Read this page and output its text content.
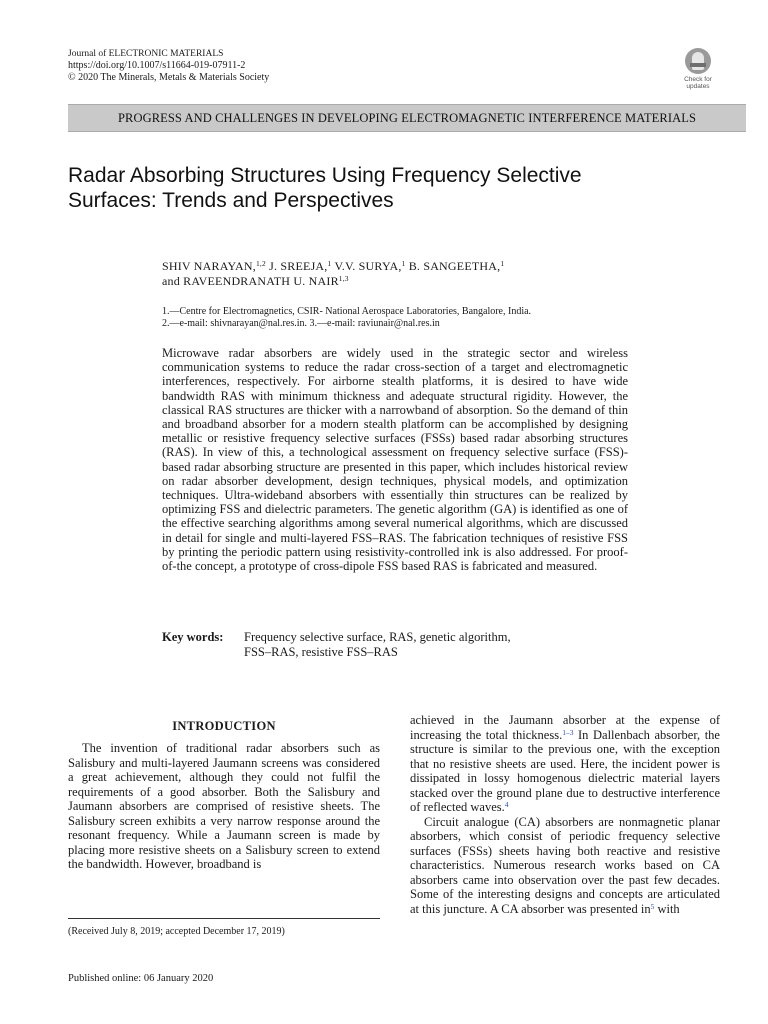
Journal of ELECTRONIC MATERIALS
https://doi.org/10.1007/s11664-019-07911-2
© 2020 The Minerals, Metals & Materials Society	Check for
updates
PROGRESS AND CHALLENGES IN DEVELOPING ELECTROMAGNETIC INTERFERENCE MATERIALS
Radar Absorbing Structures Using Frequency Selective
Surfaces: Trends and Perspectives
SHIV NARAYAN,$^{1,2}$ J. SREEJA,$^1$ V.V. SURYA,$^1$ B. SANGEETHA,$^1$
and RAVEENDRANATH U. NAIR$^{1,3}$
1.—Centre for Electromagnetics, CSIR- National Aerospace Laboratories, Bangalore, India.
2.—e-mail: shivnarayan@nal.res.in. 3.—e-mail: raviunair@nal.res.in
Microwave radar absorbers are widely used in the strategic sector and wireless communication systems to reduce the radar cross-section of a target and electromagnetic interferences, respectively. For airborne stealth platforms, it is desired to have wide bandwidth RAS with minimum thickness and adequate structural rigidity. However, the classical RAS structures are thicker with a narrowband of absorption. So the demand of thin and broadband absorber for a modern stealth platform can be accomplished by designing metallic or resistive frequency selective surfaces (FSSs) based radar absorbing structures (RAS). In view of this, a technological assessment on frequency selective surface (FSS)-based radar absorbing structure are presented in this paper, which includes historical review on radar absorber development, design techniques, physical models, and optimization techniques. Ultra-wideband absorbers with essentially thin structures can be realized by optimizing FSS and dielectric parameters. The genetic algorithm (GA) is identified as one of the effective searching algorithms among several numerical algorithms, which are discussed in detail for single and multi-layered FSS–RAS. The fabrication techniques of resistive FSS by printing the periodic pattern using resistivity-controlled ink is also addressed. For proof-of-the concept, a prototype of cross-dipole FSS based RAS is fabricated and measured.
Key words:	Frequency selective surface, RAS, genetic algorithm,
FSS–RAS, resistive FSS–RAS
INTRODUCTION
The invention of traditional radar absorbers such as Salisbury and multi-layered Jaumann screens was considered a great achievement, although they could not fulfil the requirements of a good absorber. Both the Salisbury and Jaumann absorbers are comprised of resistive sheets. The Salisbury screen exhibits a very narrow response around the resonant frequency. While a Jaumann screen is made by placing more resistive sheets on a Salisbury screen to extend the bandwidth. However, broadband is
achieved in the Jaumann absorber at the expense of increasing the total thickness.$^{1-3}$ In Dallenbach absorber, the structure is similar to the previous one, with the exception that no resistive sheets are used. Here, the incident power is dissipated in lossy homogenous dielectric material layers stacked over the ground plane due to destructive interference of reflected waves.$^4$
Circuit analogue (CA) absorbers are nonmagnetic planar absorbers, which consist of periodic frequency selective surfaces (FSSs) sheets having both reactive and resistive characteristics. Numerous research works based on CA absorbers came into observation over the past few decades. Some of the interesting designs and concepts are articulated at this juncture. A CA absorber was presented in$^5$ with
(Received July 8, 2019; accepted December 17, 2019)
Published online: 06 January 2020
